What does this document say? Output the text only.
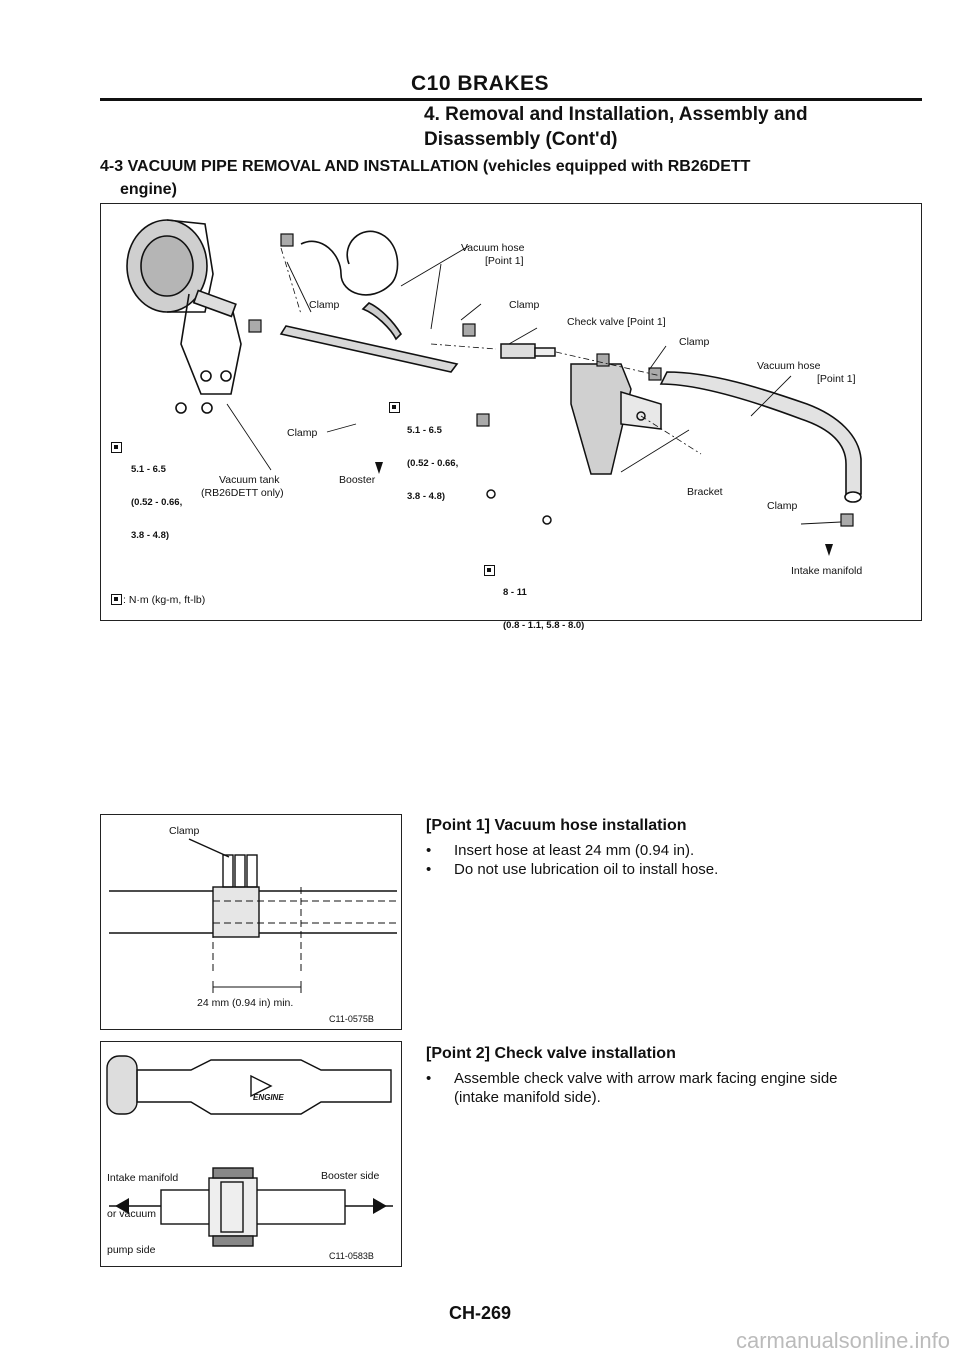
C10 BRAKES
4. Removal and Installation, Assembly and
Disassembly (Cont'd)
4-3 VACUUM PIPE REMOVAL AND INSTALLATION (vehicles equipped with RB26DETT
engine)
Vacuum hose
[Point 1]
Clamp	Clamp
Check valve [Point 1]
Clamp
Vacuum hose
[Point 1]
Clamp

	5.1 - 6.5

(0.52 - 0.66,

3.8 - 4.8)

5.1 - 6.5

(0.52 - 0.66,

3.8 - 4.8)

Vacuum tank
(RB26DETT only)
Booster
Bracket
Clamp
Intake manifold

8 - 11

(0.8 - 1.1, 5.8 - 8.0)

: N·m (kg-m, ft-lb)
Clamp
24 mm (0.94 in) min.
C11-0575B
ENGINE

Intake manifold

or vacuum

pump side

Booster side
C11-0583B
[Point 1] Vacuum hose installation
•	Insert hose at least 24 mm (0.94 in).
•	Do not use lubrication oil to install hose.
[Point 2] Check valve installation
•	Assemble check valve with arrow mark facing engine side
(intake manifold side).
CH-269
carmanualsonline.info
